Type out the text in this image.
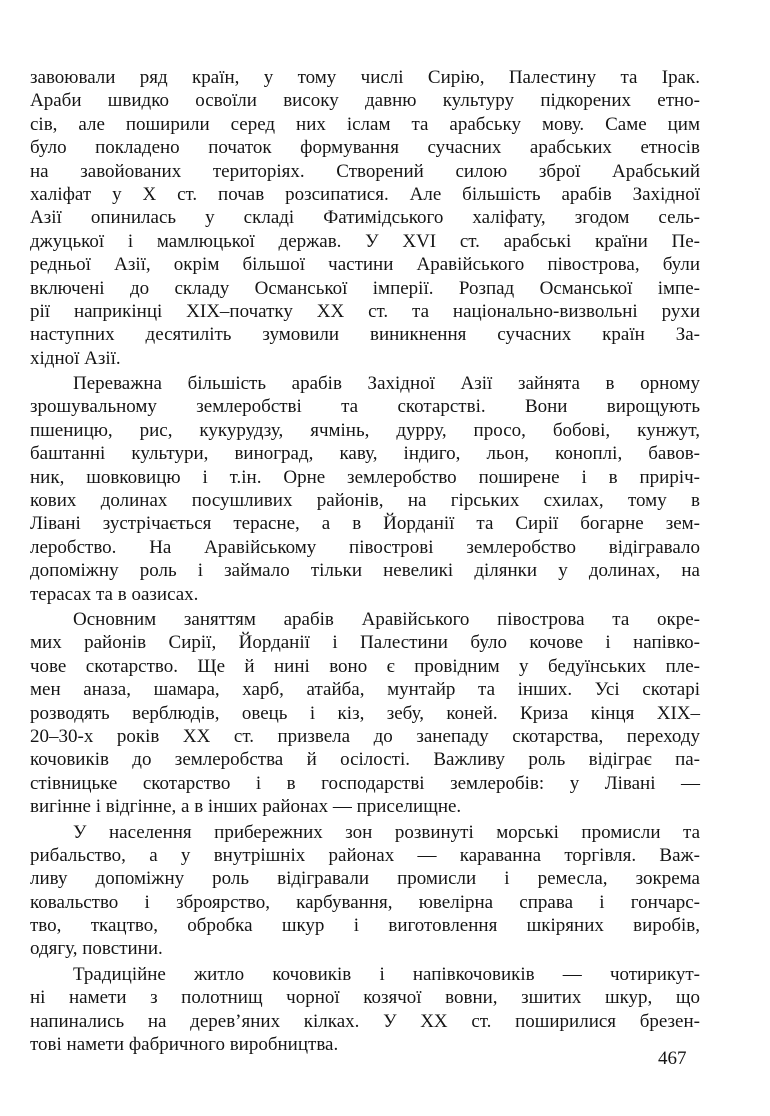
завоювали ряд країн, у тому числі Сирію, Палестину та Ірак.
Араби швидко освоїли високу давню культуру підкорених етно-
сів, але поширили серед них іслам та арабську мову. Саме цим
було покладено початок формування сучасних арабських етносів
на завойованих територіях. Створений силою зброї Арабський
халіфат у X ст. почав розсипатися. Але більшість арабів Західної
Азії опинилась у складі Фатимідського халіфату, згодом сель-
джуцької і мамлюцької держав. У XVI ст. арабські країни Пе-
редньої Азії, окрім більшої частини Аравійського півострова, були
включені до складу Османської імперії. Розпад Османської імпе-
рії наприкінці XIX–початку XX ст. та національно-визвольні рухи
наступних десятиліть зумовили виникнення сучасних країн За-
хідної Азії.
Переважна більшість арабів Західної Азії зайнята в орному
зрошувальному землеробстві та скотарстві. Вони вирощують
пшеницю, рис, кукурудзу, ячмінь, дурру, просо, бобові, кунжут,
баштанні культури, виноград, каву, індиго, льон, коноплі, бавов-
ник, шовковицю і т.ін. Орне землеробство поширене і в приріч-
кових долинах посушливих районів, на гірських схилах, тому в
Лівані зустрічається терасне, а в Йорданії та Сирії богарне зем-
леробство. На Аравійському півострові землеробство відігравало
допоміжну роль і займало тільки невеликі ділянки у долинах, на
терасах та в оазисах.
Основним заняттям арабів Аравійського півострова та окре-
мих районів Сирії, Йорданії і Палестини було кочове і напівко-
чове скотарство. Ще й нині воно є провідним у бедуїнських пле-
мен аназа, шамара, харб, атайба, мунтайр та інших. Усі скотарі
розводять верблюдів, овець і кіз, зебу, коней. Криза кінця XIX–
20–30-х років XX ст. призвела до занепаду скотарства, переходу
кочовиків до землеробства й осілості. Важливу роль відіграє па-
стівницьке скотарство і в господарстві землеробів: у Лівані —
вигінне і відгінне, а в інших районах — приселищне.
У населення прибережних зон розвинуті морські промисли та
рибальство, а у внутрішніх районах — караванна торгівля. Важ-
ливу допоміжну роль відігравали промисли і ремесла, зокрема
ковальство і зброярство, карбування, ювелірна справа і гончарс-
тво, ткацтво, обробка шкур і виготовлення шкіряних виробів,
одягу, повстини.
Традиційне житло кочовиків і напівкочовиків — чотирикут-
ні намети з полотнищ чорної козячої вовни, зшитих шкур, що
напинались на дерев’яних кілках. У XX ст. поширилися брезен-
тові намети фабричного виробництва.
467
